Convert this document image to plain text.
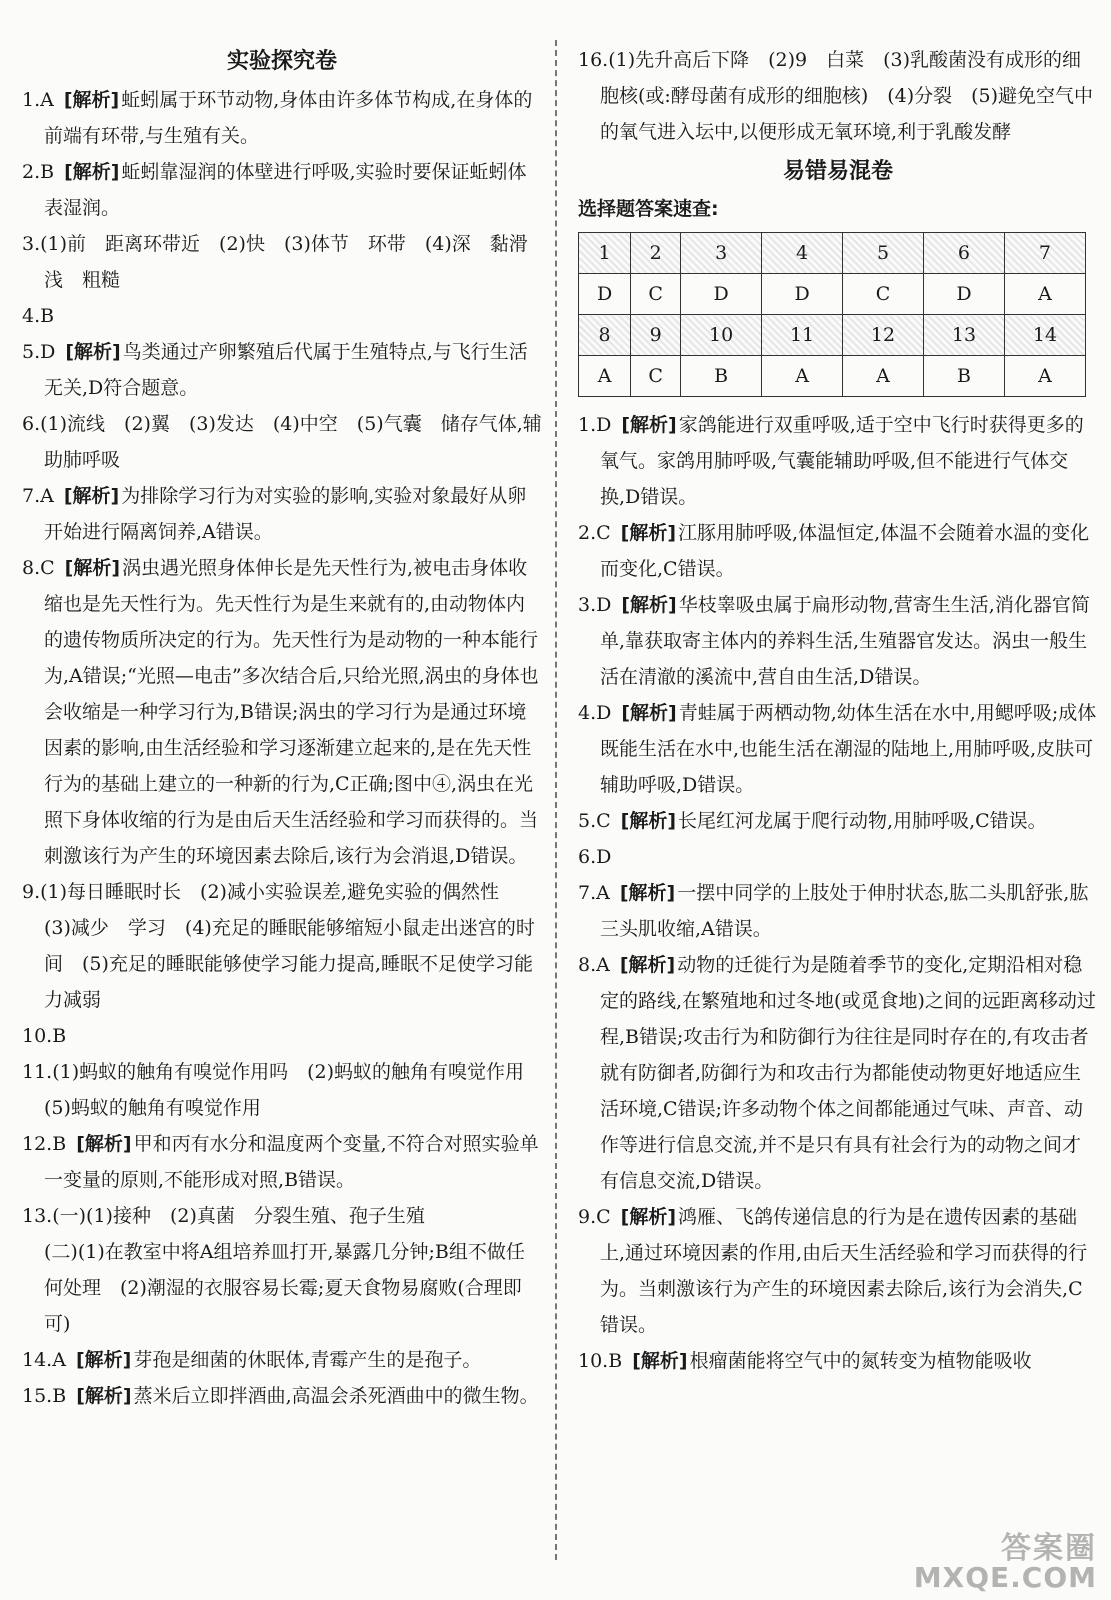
实验探究卷

1.A [解析] 蚯蚓属于环节动物,身体由许多体节构成,在身体的前端有环带,与生殖有关。

2.B [解析] 蚯蚓靠湿润的体壁进行呼吸,实验时要保证蚯蚓体表湿润。

3.(1)前　距离环带近　(2)快　(3)体节　环带　(4)深　黏滑　浅　粗糙

4.B

5.D [解析] 鸟类通过产卵繁殖后代属于生殖特点,与飞行生活无关,D符合题意。

6.(1)流线　(2)翼　(3)发达　(4)中空　(5)气囊　储存气体,辅助肺呼吸

7.A [解析] 为排除学习行为对实验的影响,实验对象最好从卵开始进行隔离饲养,A错误。

8.C [解析] 涡虫遇光照身体伸长是先天性行为,被电击身体收缩也是先天性行为。先天性行为是生来就有的,由动物体内的遗传物质所决定的行为。先天性行为是动物的一种本能行为,A错误;“光照—电击”多次结合后,只给光照,涡虫的身体也会收缩是一种学习行为,B错误;涡虫的学习行为是通过环境因素的影响,由生活经验和学习逐渐建立起来的,是在先天性行为的基础上建立的一种新的行为,C正确;图中④,涡虫在光照下身体收缩的行为是由后天生活经验和学习而获得的。当刺激该行为产生的环境因素去除后,该行为会消退,D错误。

9.(1)每日睡眠时长　(2)减小实验误差,避免实验的偶然性　(3)减少　学习　(4)充足的睡眠能够缩短小鼠走出迷宫的时间　(5)充足的睡眠能够使学习能力提高,睡眠不足使学习能力减弱

10.B

11.(1)蚂蚁的触角有嗅觉作用吗　(2)蚂蚁的触角有嗅觉作用　(5)蚂蚁的触角有嗅觉作用

12.B [解析] 甲和丙有水分和温度两个变量,不符合对照实验单一变量的原则,不能形成对照,B错误。

13.(一)(1)接种　(2)真菌　分裂生殖、孢子生殖
(二)(1)在教室中将A组培养皿打开,暴露几分钟;B组不做任何处理　(2)潮湿的衣服容易长霉;夏天食物易腐败(合理即可)

14.A [解析] 芽孢是细菌的休眠体,青霉产生的是孢子。

15.B [解析] 蒸米后立即拌酒曲,高温会杀死酒曲中的微生物。

16.(1)先升高后下降　(2)9　白菜　(3)乳酸菌没有成形的细胞核(或:酵母菌有成形的细胞核)　(4)分裂　(5)避免空气中的氧气进入坛中,以便形成无氧环境,利于乳酸发酵

易错易混卷
选择题答案速查:
1	2	3	4	5	6	7
D	C	D	D	C	D	A
8	9	10	11	12	13	14
A	C	B	A	A	B	A

1.D [解析] 家鸽能进行双重呼吸,适于空中飞行时获得更多的氧气。家鸽用肺呼吸,气囊能辅助呼吸,但不能进行气体交换,D错误。

2.C [解析] 江豚用肺呼吸,体温恒定,体温不会随着水温的变化而变化,C错误。

3.D [解析] 华枝睾吸虫属于扁形动物,营寄生生活,消化器官简单,靠获取寄主体内的养料生活,生殖器官发达。涡虫一般生活在清澈的溪流中,营自由生活,D错误。

4.D [解析] 青蛙属于两栖动物,幼体生活在水中,用鳃呼吸;成体既能生活在水中,也能生活在潮湿的陆地上,用肺呼吸,皮肤可辅助呼吸,D错误。

5.C [解析] 长尾红河龙属于爬行动物,用肺呼吸,C错误。

6.D

7.A [解析] 一摆中同学的上肢处于伸肘状态,肱二头肌舒张,肱三头肌收缩,A错误。

8.A [解析] 动物的迁徙行为是随着季节的变化,定期沿相对稳定的路线,在繁殖地和过冬地(或觅食地)之间的远距离移动过程,B错误;攻击行为和防御行为往往是同时存在的,有攻击者就有防御者,防御行为和攻击行为都能使动物更好地适应生活环境,C错误;许多动物个体之间都能通过气味、声音、动作等进行信息交流,并不是只有具有社会行为的动物之间才有信息交流,D错误。

9.C [解析] 鸿雁、飞鸽传递信息的行为是在遗传因素的基础上,通过环境因素的作用,由后天生活经验和学习而获得的行为。当刺激该行为产生的环境因素去除后,该行为会消失,C错误。

10.B [解析] 根瘤菌能将空气中的氮转变为植物能吸收

答案圈
MXQE.COM
